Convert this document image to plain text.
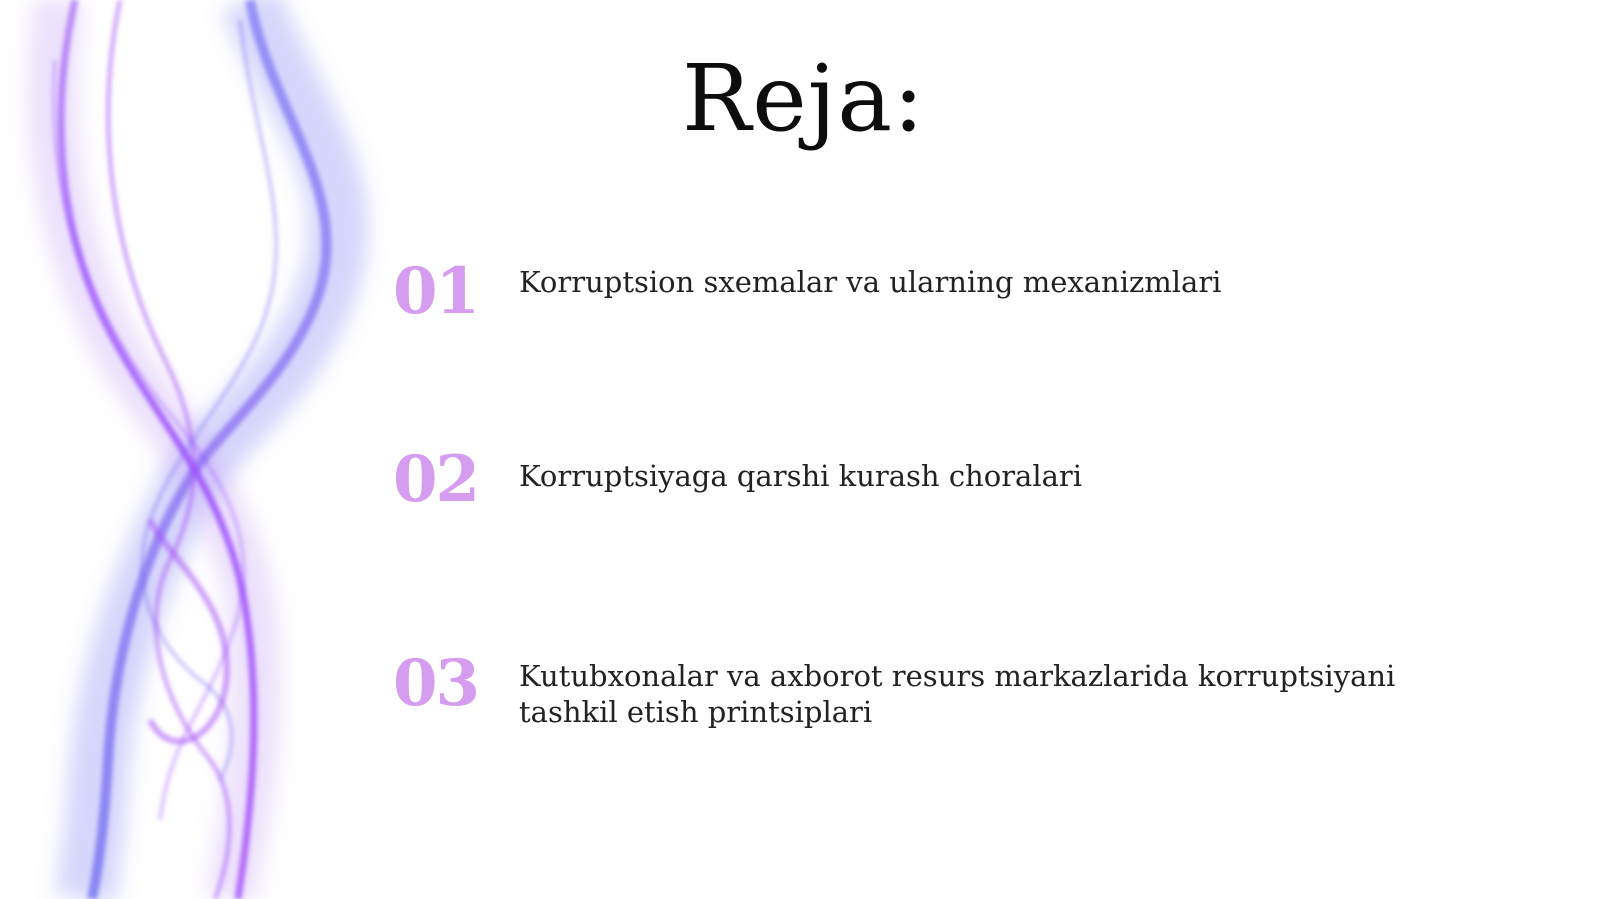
Reja:
01	Korruptsion sxemalar va ularning mexanizmlari
02	Korruptsiyaga qarshi kurash choralari
03	Kutubxonalar va axborot resurs markazlarida korruptsiyani tashkil etish printsiplari
